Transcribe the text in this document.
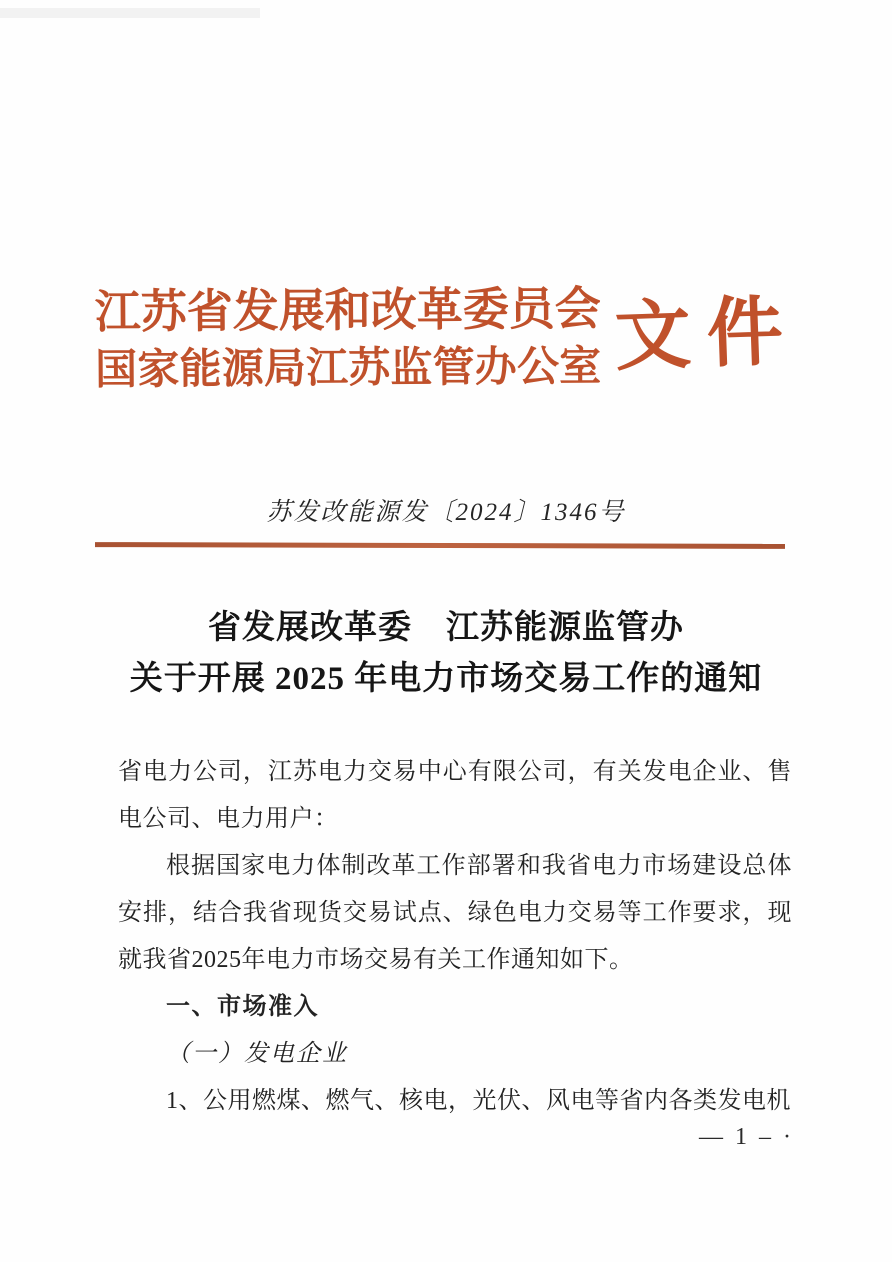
江苏省发展和改革委员会
国家能源局江苏监管办公室 文件
苏发改能源发〔2024〕1346号
省发展改革委　江苏能源监管办
关于开展 2025 年电力市场交易工作的通知

省电力公司，江苏电力交易中心有限公司，有关发电企业、售电公司、电力用户：

根据国家电力体制改革工作部署和我省电力市场建设总体安排，结合我省现货交易试点、绿色电力交易等工作要求，现就我省2025年电力市场交易有关工作通知如下。

一、市场准入

（一）发电企业

1、公用燃煤、燃气、核电，光伏、风电等省内各类发电机

— 1 – ·
